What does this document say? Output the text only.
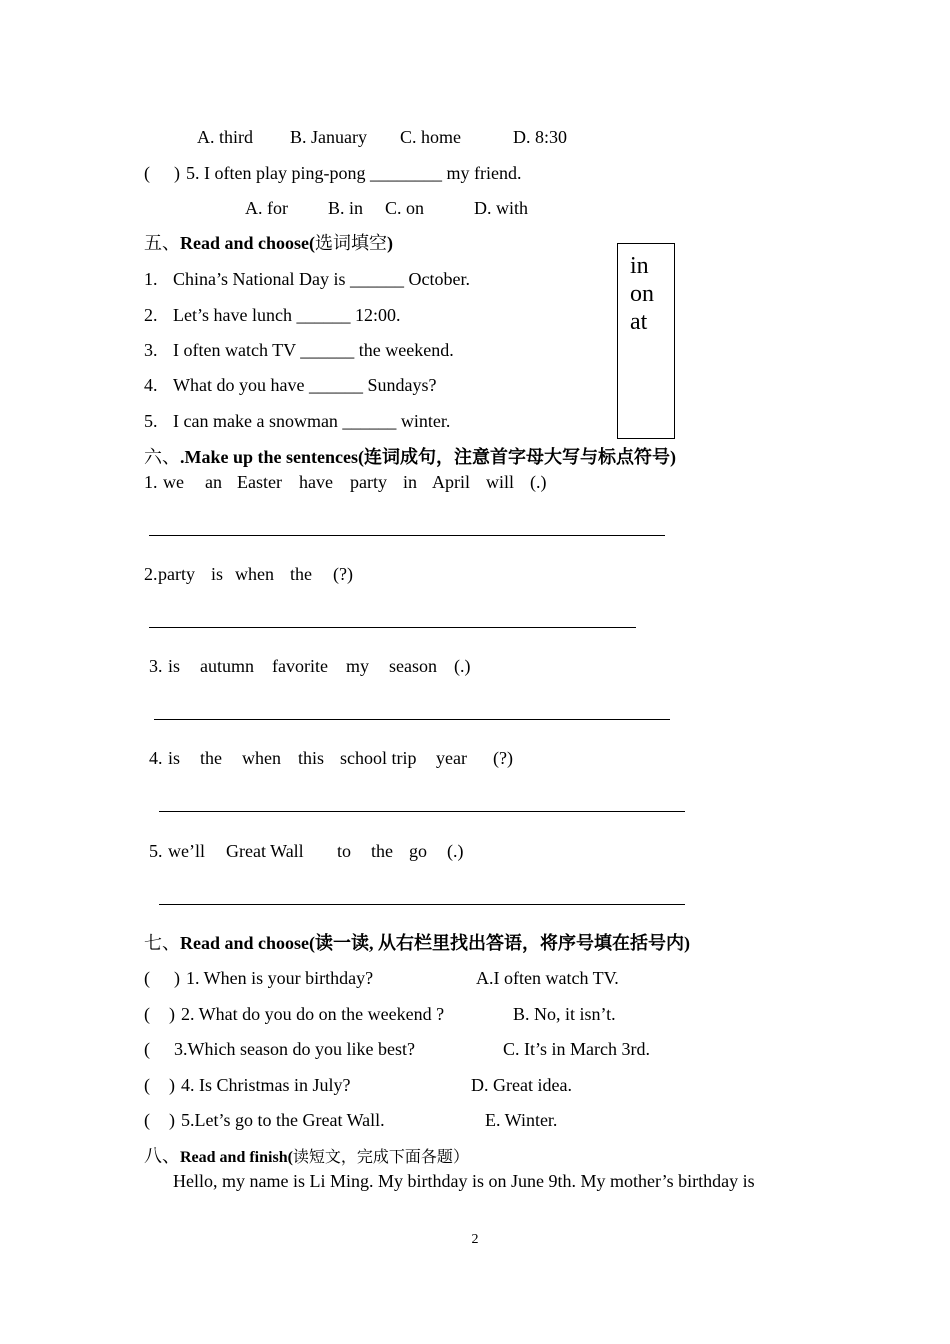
A. third B. January C. home	D. 8:30
( ) 5. I often play ping-pong ________ my friend.
A. for B. in C. on	D. with
五、Read and choose(选词填空)
1. China’s National Day is ______ October.
2. Let’s have lunch ______ 12:00.
3. I often watch TV ______ the weekend.
4. What do you have ______ Sundays?
5. I can make a snowman ______ winter.
in
on
at
六、.Make up the sentences(连词成句，注意首字母大写与标点符号)
1. we an Easter have party in April will (.)
2. party is when the (?)
3. is autumn favorite my season (.)
4. is the when this school trip year (?)
5. we’ll Great Wall to the go (.)
七、Read and choose(读一读, 从右栏里找出答语，将序号填在括号内)
( ) 1. When is your birthday?	A.I often watch TV.
( ) 2. What do you do on the weekend ?	B. No, it isn’t.
( 3.Which season do you like best?	C. It’s in March 3rd.
( ) 4. Is Christmas in July?	D. Great idea.
( ) 5.Let’s go to the Great Wall.	E. Winter.
八、Read and finish(读短文，完成下面各题）
Hello, my name is Li Ming. My birthday is on June 9th. My mother’s birthday is
2
